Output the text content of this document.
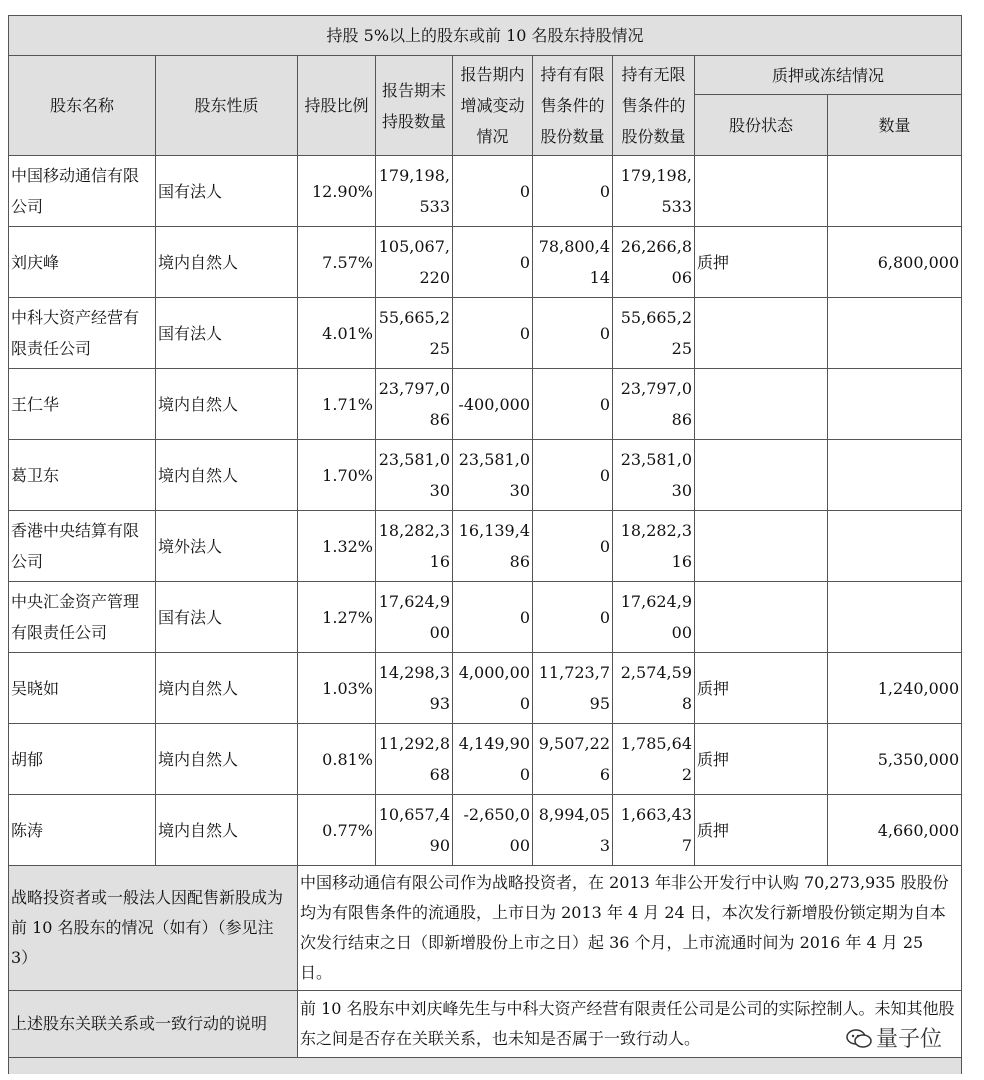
持股 5%以上的股东或前 10 名股东持股情况								
股东名称	股东性质	持股比例	报告期末持股数量	报告期内增减变动情况	持有有限售条件的股份数量	持有无限售条件的股份数量	质押或冻结情况	
							股份状态	数量
中国移动通信有限公司	国有法人	12.90%	179,198,533	0	0	179,198,533		
刘庆峰	境内自然人	7.57%	105,067,220	0	78,800,414	26,266,806	质押	6,800,000
中科大资产经营有限责任公司	国有法人	4.01%	55,665,225	0	0	55,665,225		
王仁华	境内自然人	1.71%	23,797,086	-400,000	0	23,797,086		
葛卫东	境内自然人	1.70%	23,581,030	23,581,030	0	23,581,030		
香港中央结算有限公司	境外法人	1.32%	18,282,316	16,139,486	0	18,282,316		
中央汇金资产管理有限责任公司	国有法人	1.27%	17,624,900	0	0	17,624,900		
吴晓如	境内自然人	1.03%	14,298,393	4,000,000	11,723,795	2,574,598	质押	1,240,000
胡郁	境内自然人	0.81%	11,292,868	4,149,900	9,507,226	1,785,642	质押	5,350,000
陈涛	境内自然人	0.77%	10,657,490	-2,650,000	8,994,053	1,663,437	质押	4,660,000
战略投资者或一般法人因配售新股成为前 10 名股东的情况（如有）（参见注 3）		中国移动通信有限公司作为战略投资者，在 2013 年非公开发行中认购 70,273,935 股股份均为有限售条件的流通股，上市日为 2013 年 4 月 24 日，本次发行新增股份锁定期为自本次发行结束之日（即新增股份上市之日）起 36 个月，上市流通时间为 2016 年 4 月 25 日。						
上述股东关联关系或一致行动的说明		前 10 名股东中刘庆峰先生与中科大资产经营有限责任公司是公司的实际控制人。未知其他股东之间是否存在关联关系，也未知是否属于一致行动人。							量子位
